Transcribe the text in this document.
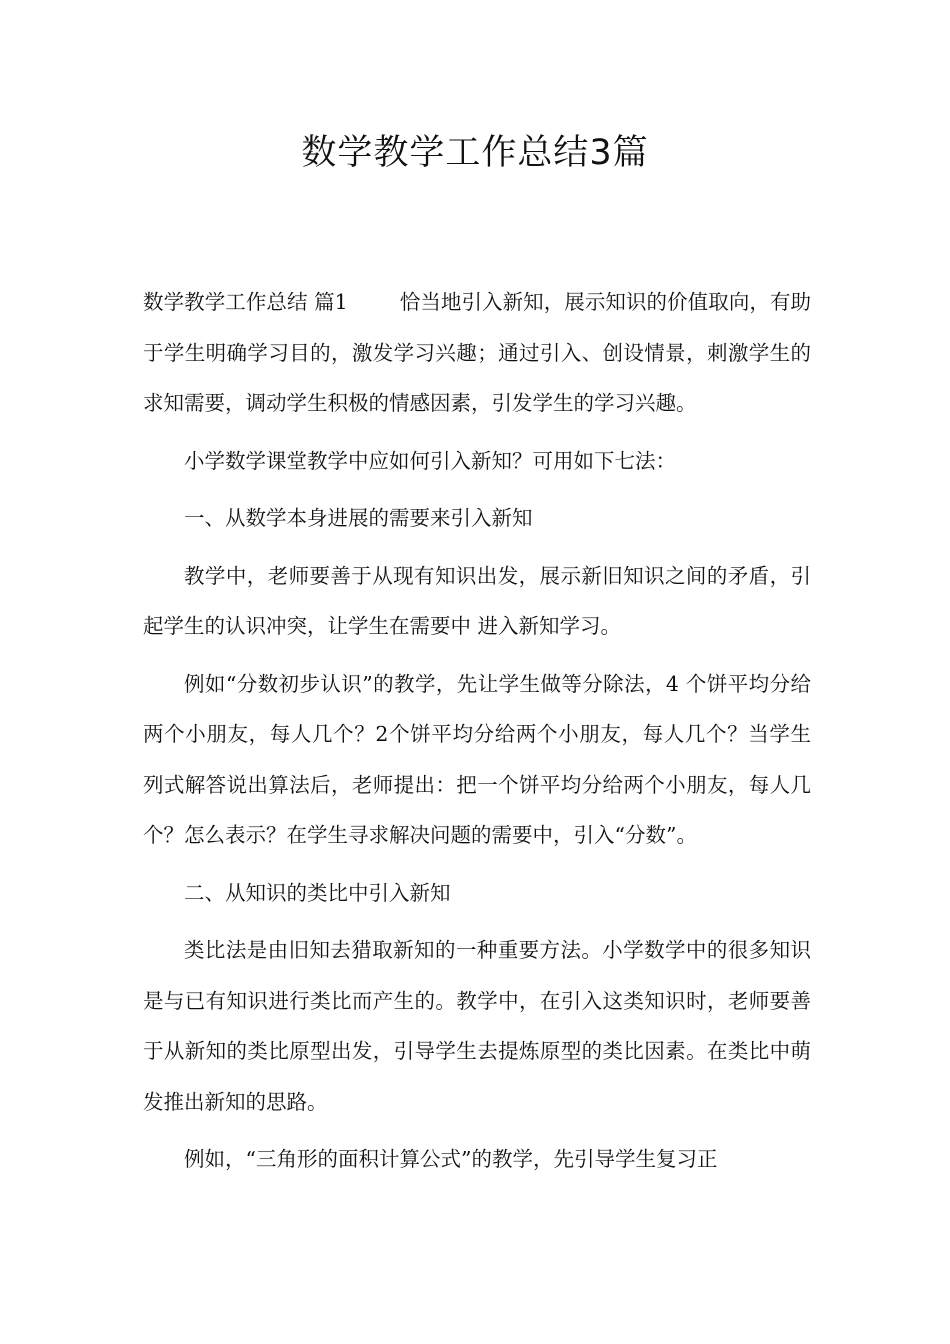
数学教学工作总结3篇

数学教学工作总结 篇1	恰当地引入新知，展示知识的价值取向，有助于学生明确学习目的，激发学习兴趣；通过引入、创设情景，刺激学生的求知需要，调动学生积极的情感因素，引发学生的学习兴趣。

小学数学课堂教学中应如何引入新知？可用如下七法：

一、从数学本身进展的需要来引入新知

教学中，老师要善于从现有知识出发，展示新旧知识之间的矛盾，引起学生的认识冲突，让学生在需要中 进入新知学习。

例如“分数初步认识”的教学，先让学生做等分除法，4 个饼平均分给两个小朋友，每人几个？2个饼平均分给两个小朋友，每人几个？当学生列式解答说出算法后，老师提出：把一个饼平均分给两个小朋友，每人几个？怎么表示？在学生寻求解决问题的需要中，引入“分数”。

二、从知识的类比中引入新知

类比法是由旧知去猎取新知的一种重要方法。小学数学中的很多知识是与已有知识进行类比而产生的。教学中，在引入这类知识时，老师要善于从新知的类比原型出发，引导学生去提炼原型的类比因素。在类比中萌发推出新知的思路。

例如，“三角形的面积计算公式”的教学，先引导学生复习正
